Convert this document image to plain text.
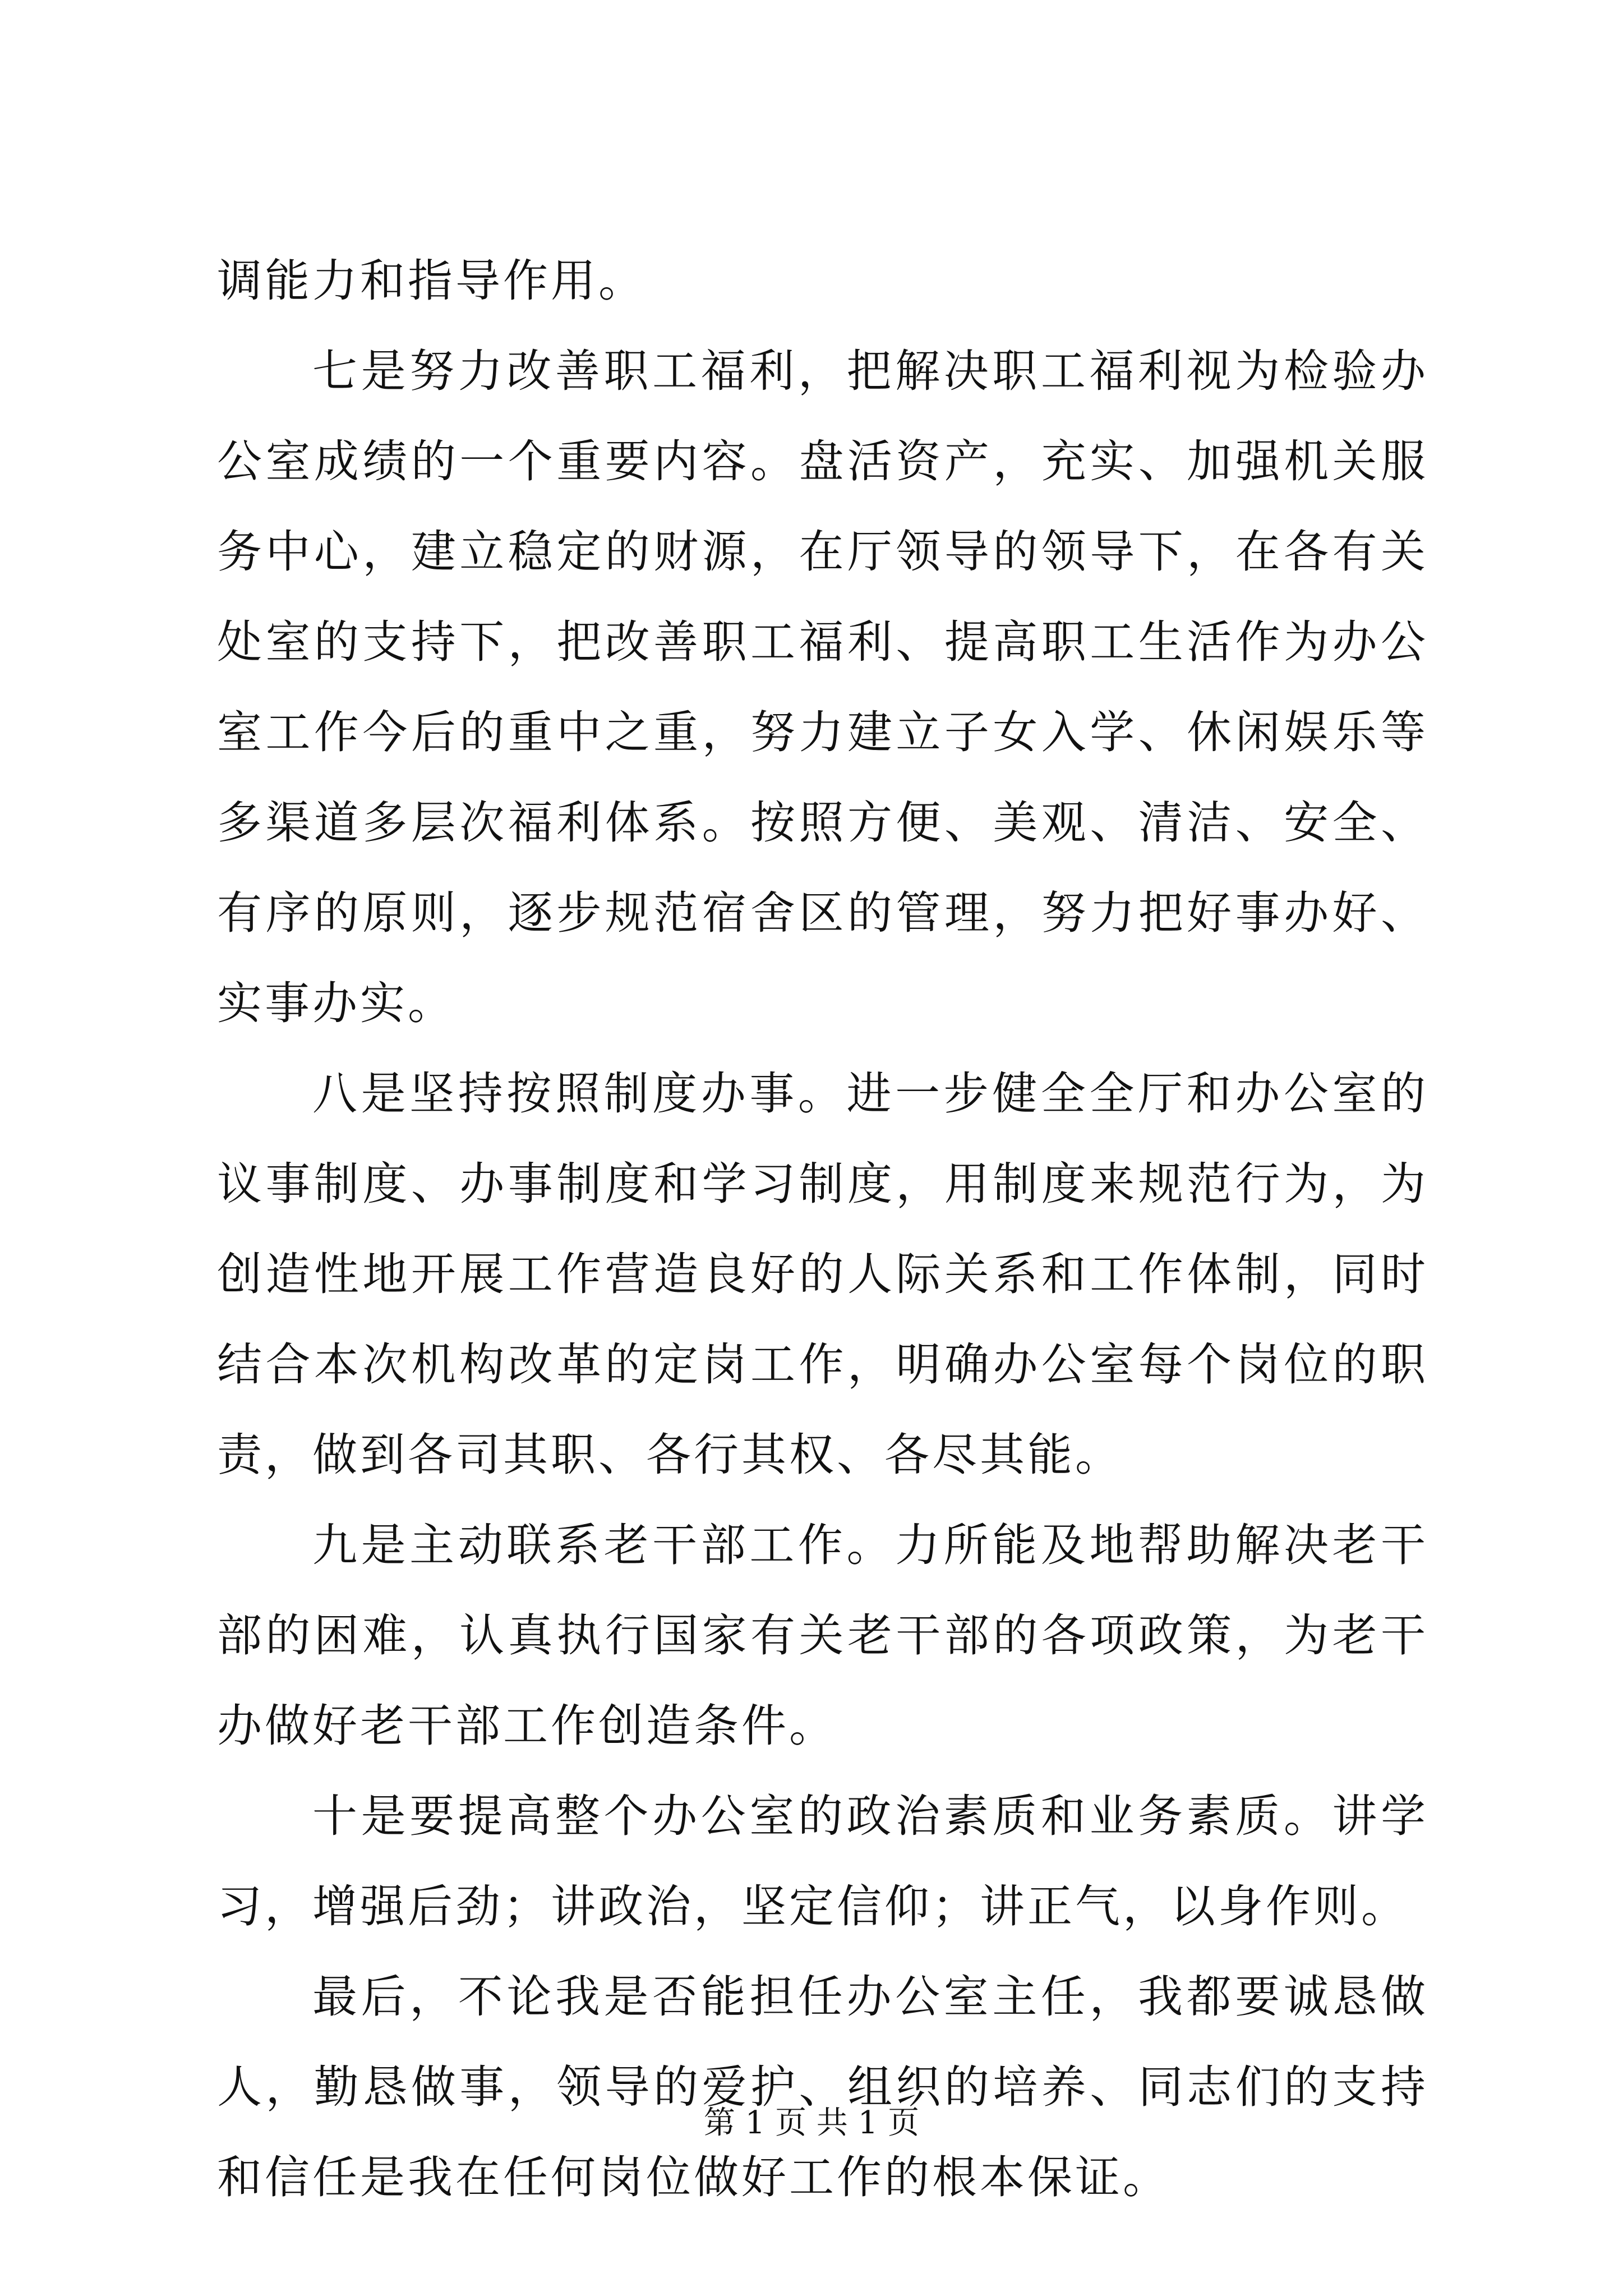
调能力和指导作用。

七是努力改善职工福利，把解决职工福利视为检验办公室成绩的一个重要内容。盘活资产，充实、加强机关服务中心，建立稳定的财源，在厅领导的领导下，在各有关处室的支持下，把改善职工福利、提高职工生活作为办公室工作今后的重中之重，努力建立子女入学、休闲娱乐等多渠道多层次福利体系。按照方便、美观、清洁、安全、有序的原则，逐步规范宿舍区的管理，努力把好事办好、实事办实。

八是坚持按照制度办事。进一步健全全厅和办公室的议事制度、办事制度和学习制度，用制度来规范行为，为创造性地开展工作营造良好的人际关系和工作体制，同时结合本次机构改革的定岗工作，明确办公室每个岗位的职责，做到各司其职、各行其权、各尽其能。

九是主动联系老干部工作。力所能及地帮助解决老干部的困难，认真执行国家有关老干部的各项政策，为老干办做好老干部工作创造条件。

十是要提高整个办公室的政治素质和业务素质。讲学习，增强后劲；讲政治，坚定信仰；讲正气，以身作则。

最后，不论我是否能担任办公室主任，我都要诚恳做人，勤恳做事，领导的爱护、组织的培养、同志们的支持和信任是我在任何岗位做好工作的根本保证。

第 1 页 共 1 页
